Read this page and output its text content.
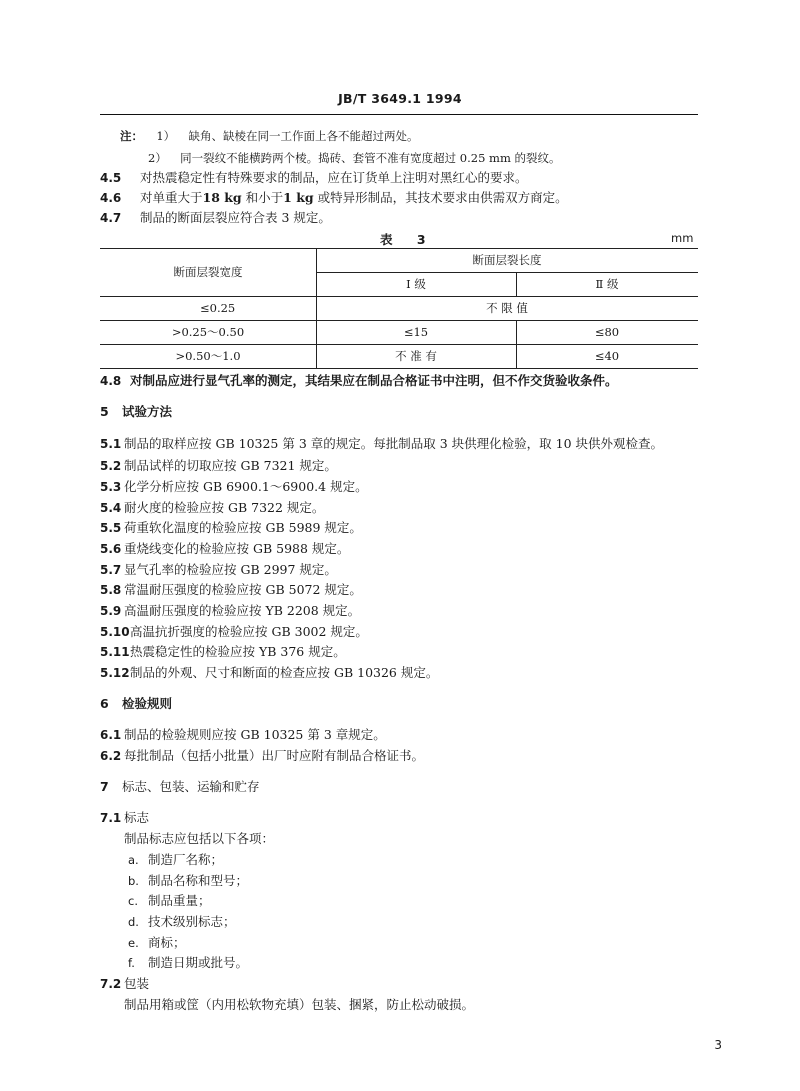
JB/T 3649.1 1994
注： 1） 缺角、缺棱在同一工作面上各不能超过两处。
2） 同一裂纹不能横跨两个棱。捣砖、套管不准有宽度超过 0.25 mm 的裂纹。
4.5 对热震稳定性有特殊要求的制品，应在订货单上注明对黑红心的要求。
4.6 对单重大于18 kg 和小于1 kg 或特异形制品，其技术要求由供需双方商定。
4.7 制品的断面层裂应符合表 3 规定。
表 3	mm
断面层裂宽度
断面层裂长度
Ⅰ 级	Ⅱ 级
≤0.25	不 限 值
>0.25～0.50	≤15	≤80
>0.50～1.0	不 准 有	≤40
4.8 对制品应进行显气孔率的测定，其结果应在制品合格证书中注明，但不作交货验收条件。
5 试验方法
5.1 制品的取样应按 GB 10325 第 3 章的规定。每批制品取 3 块供理化检验，取 10 块供外观检查。
5.2 制品试样的切取应按 GB 7321 规定。
5.3 化学分析应按 GB 6900.1～6900.4 规定。
5.4 耐火度的检验应按 GB 7322 规定。
5.5 荷重软化温度的检验应按 GB 5989 规定。
5.6 重烧线变化的检验应按 GB 5988 规定。
5.7 显气孔率的检验应按 GB 2997 规定。
5.8 常温耐压强度的检验应按 GB 5072 规定。
5.9 高温耐压强度的检验应按 YB 2208 规定。
5.10高温抗折强度的检验应按 GB 3002 规定。
5.11热震稳定性的检验应按 YB 376 规定。
5.12制品的外观、尺寸和断面的检查应按 GB 10326 规定。
6 检验规则
6.1 制品的检验规则应按 GB 10325 第 3 章规定。
6.2 每批制品（包括小批量）出厂时应附有制品合格证书。
7 标志、包装、运输和贮存
7.1 标志
制品标志应包括以下各项：
a. 制造厂名称；
b. 制品名称和型号；
c. 制品重量；
d. 技术级别标志；
e. 商标；
f. 制造日期或批号。
7.2 包装
制品用箱或筐（内用松软物充填）包装、捆紧，防止松动破损。
3
